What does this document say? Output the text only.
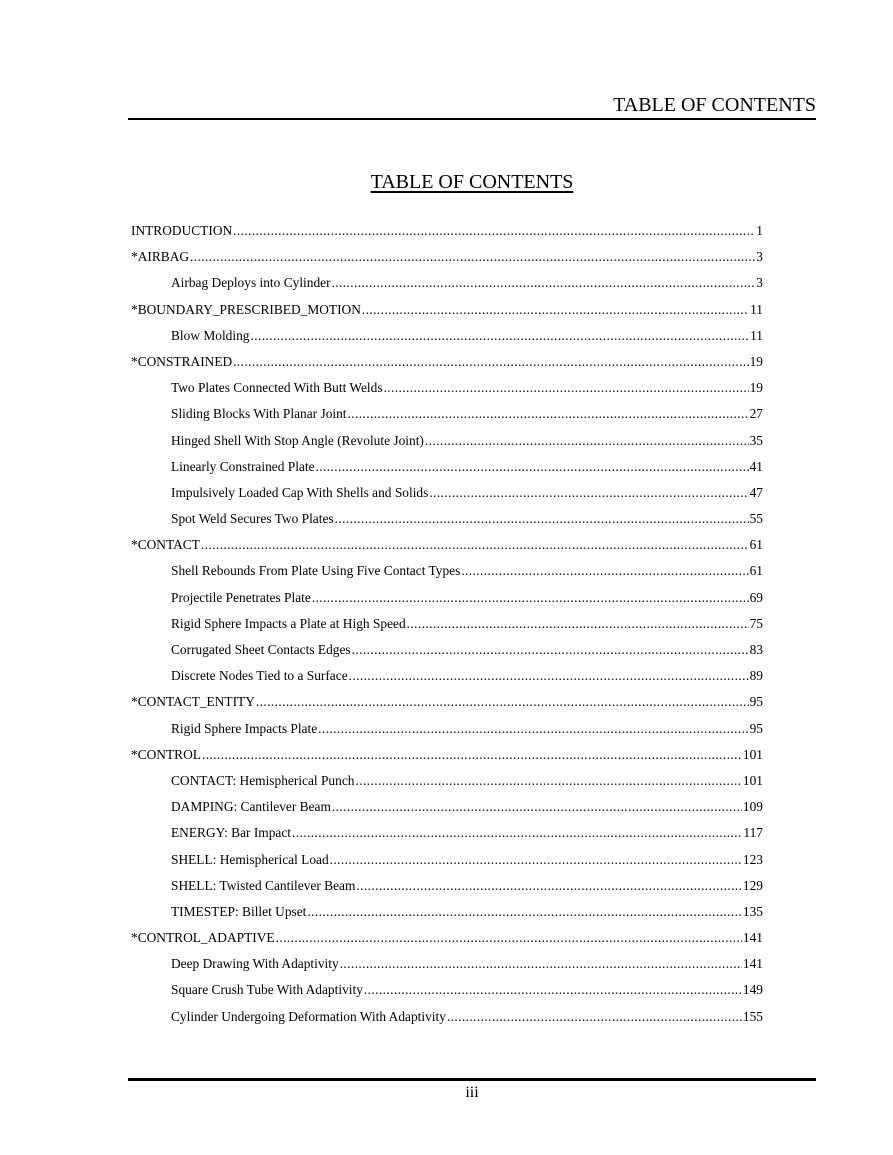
TABLE OF CONTENTS
TABLE OF CONTENTS
INTRODUCTION .....	1
*AIRBAG .....	3
Airbag Deploys into Cylinder .....	3
*BOUNDARY_PRESCRIBED_MOTION .....	11
Blow Molding .....	11
*CONSTRAINED .....	19
Two Plates Connected With Butt Welds .....	19
Sliding Blocks With Planar Joint .....	27
Hinged Shell With Stop Angle (Revolute Joint) .....	35
Linearly Constrained Plate .....	41
Impulsively Loaded Cap With Shells and Solids .....	47
Spot Weld Secures Two Plates .....	55
*CONTACT .....	61
Shell Rebounds From Plate Using Five Contact Types .....	61
Projectile Penetrates Plate .....	69
Rigid Sphere Impacts a Plate at High Speed .....	75
Corrugated Sheet Contacts Edges .....	83
Discrete Nodes Tied to a Surface .....	89
*CONTACT_ENTITY .....	95
Rigid Sphere Impacts Plate .....	95
*CONTROL .....	101
CONTACT: Hemispherical Punch .....	101
DAMPING: Cantilever Beam .....	109
ENERGY: Bar Impact .....	117
SHELL: Hemispherical Load .....	123
SHELL: Twisted Cantilever Beam .....	129
TIMESTEP: Billet Upset .....	135
*CONTROL_ADAPTIVE .....	141
Deep Drawing With Adaptivity .....	141
Square Crush Tube With Adaptivity .....	149
Cylinder Undergoing Deformation With Adaptivity .....	155
iii
